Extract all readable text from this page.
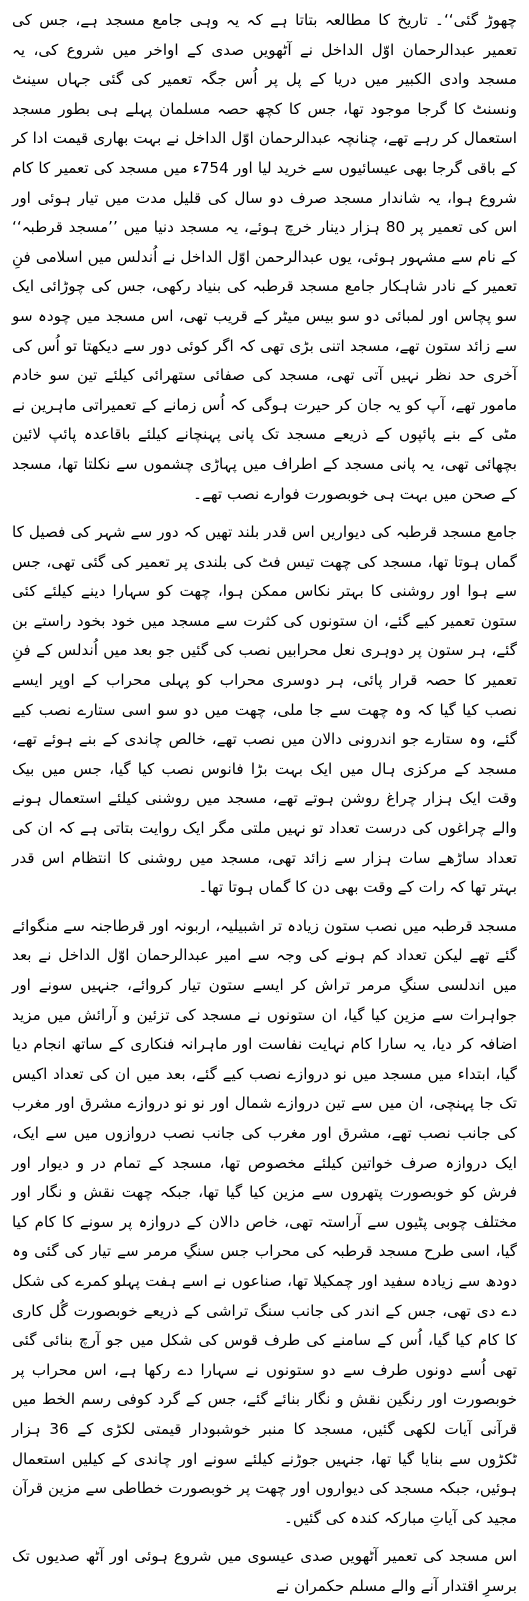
چھوڑ گئی‘‘۔ تاریخ کا مطالعہ بتاتا ہے کہ یہ وہی جامع مسجد ہے، جس کی تعمیر عبدالرحمان اوّل الداخل نے آٹھویں صدی کے اواخر میں شروع کی، یہ مسجد وادی الکبیر میں دریا کے پل پر اُس جگہ تعمیر کی گئی جہاں سینٹ ونسنٹ کا گرجا موجود تھا، جس کا کچھ حصہ مسلمان پہلے ہی بطور مسجد استعمال کر رہے تھے، چنانچہ عبدالرحمان اوّل الداخل نے بہت بھاری قیمت ادا کر کے باقی گرجا بھی عیسائیوں سے خرید لیا اور 754ء میں مسجد کی تعمیر کا کام شروع ہوا، یہ شاندار مسجد صرف دو سال کی قلیل مدت میں تیار ہوئی اور اس کی تعمیر پر 80 ہزار دینار خرچ ہوئے، یہ مسجد دنیا میں ’’مسجد قرطبہ‘‘ کے نام سے مشہور ہوئی، یوں عبدالرحمن اوّل الداخل نے اُندلس میں اسلامی فنِ تعمیر کے نادر شاہکار جامع مسجد قرطبہ کی بنیاد رکھی، جس کی چوڑائی ایک سو پچاس اور لمبائی دو سو بیس میٹر کے قریب تھی، اس مسجد میں چودہ سو سے زائد ستون تھے، مسجد اتنی بڑی تھی کہ اگر کوئی دور سے دیکھتا تو اُس کی آخری حد نظر نہیں آتی تھی، مسجد کی صفائی ستھرائی کیلئے تین سو خادم مامور تھے، آپ کو یہ جان کر حیرت ہوگی کہ اُس زمانے کے تعمیراتی ماہرین نے مٹی کے بنے پائپوں کے ذریعے مسجد تک پانی پہنچانے کیلئے باقاعدہ پائپ لائین بچھائی تھی، یہ پانی مسجد کے اطراف میں پہاڑی چشموں سے نکلتا تھا، مسجد کے صحن میں بہت ہی خوبصورت فوارے نصب تھے۔

جامع مسجد قرطبہ کی دیواریں اس قدر بلند تھیں کہ دور سے شہر کی فصیل کا گماں ہوتا تھا، مسجد کی چھت تیس فٹ کی بلندی پر تعمیر کی گئی تھی، جس سے ہوا اور روشنی کا بہتر نکاس ممکن ہوا، چھت کو سہارا دینے کیلئے کئی ستون تعمیر کیے گئے، ان ستونوں کی کثرت سے مسجد میں خود بخود راستے بن گئے، ہر ستون پر دوہری نعل محرابیں نصب کی گئیں جو بعد میں اُندلس کے فنِ تعمیر کا حصہ قرار پائی، ہر دوسری محراب کو پہلی محراب کے اوپر ایسے نصب کیا گیا کہ وہ چھت سے جا ملی، چھت میں دو سو اسی ستارے نصب کیے گئے، وہ ستارے جو اندرونی دالان میں نصب تھے، خالص چاندی کے بنے ہوئے تھے، مسجد کے مرکزی ہال میں ایک بہت بڑا فانوس نصب کیا گیا، جس میں بیک وقت ایک ہزار چراغ روشن ہوتے تھے، مسجد میں روشنی کیلئے استعمال ہونے والے چراغوں کی درست تعداد تو نہیں ملتی مگر ایک روایت بتاتی ہے کہ ان کی تعداد ساڑھے سات ہزار سے زائد تھی، مسجد میں روشنی کا انتظام اس قدر بہتر تھا کہ رات کے وقت بھی دن کا گماں ہوتا تھا۔

مسجد قرطبہ میں نصب ستون زیادہ تر اشبیلیہ، اربونہ اور قرطاجنہ سے منگوائے گئے تھے لیکن تعداد کم ہونے کی وجہ سے امیر عبدالرحمان اوّل الداخل نے بعد میں اندلسی سنگِ مرمر تراش کر ایسے ستون تیار کروائے، جنہیں سونے اور جواہرات سے مزین کیا گیا، ان ستونوں نے مسجد کی تزئین و آرائش میں مزید اضافہ کر دیا، یہ سارا کام نہایت نفاست اور ماہرانہ فنکاری کے ساتھ انجام دیا گیا، ابتداء میں مسجد میں نو دروازے نصب کیے گئے، بعد میں ان کی تعداد اکیس تک جا پہنچی، ان میں سے تین دروازے شمال اور نو نو دروازے مشرق اور مغرب کی جانب نصب تھے، مشرق اور مغرب کی جانب نصب دروازوں میں سے ایک، ایک دروازہ صرف خواتین کیلئے مخصوص تھا، مسجد کے تمام در و دیوار اور فرش کو خوبصورت پتھروں سے مزین کیا گیا تھا، جبکہ چھت نقش و نگار اور مختلف چوبی پٹیوں سے آراستہ تھی، خاص دالان کے دروازہ پر سونے کا کام کیا گیا، اسی طرح مسجد قرطبہ کی محراب جس سنگِ مرمر سے تیار کی گئی وہ دودھ سے زیادہ سفید اور چمکیلا تھا، صناعوں نے اسے ہفت پہلو کمرے کی شکل دے دی تھی، جس کے اندر کی جانب سنگ تراشی کے ذریعے خوبصورت گُل کاری کا کام کیا گیا، اُس کے سامنے کی طرف قوس کی شکل میں جو آرچ بنائی گئی تھی اُسے دونوں طرف سے دو ستونوں نے سہارا دے رکھا ہے، اس محراب پر خوبصورت اور رنگین نقش و نگار بنائے گئے، جس کے گرد کوفی رسم الخط میں قرآنی آیات لکھی گئیں، مسجد کا منبر خوشبودار قیمتی لکڑی کے 36 ہزار ٹکڑوں سے بنایا گیا تھا، جنہیں جوڑنے کیلئے سونے اور چاندی کے کیلیں استعمال ہوئیں، جبکہ مسجد کی دیواروں اور چھت پر خوبصورت خطاطی سے مزین قرآن مجید کی آیاتِ مبارکہ کندہ کی گئیں۔

اس مسجد کی تعمیر آٹھویں صدی عیسوی میں شروع ہوئی اور آٹھ صدیوں تک برسرِ اقتدار آنے والے مسلم حکمران نے
